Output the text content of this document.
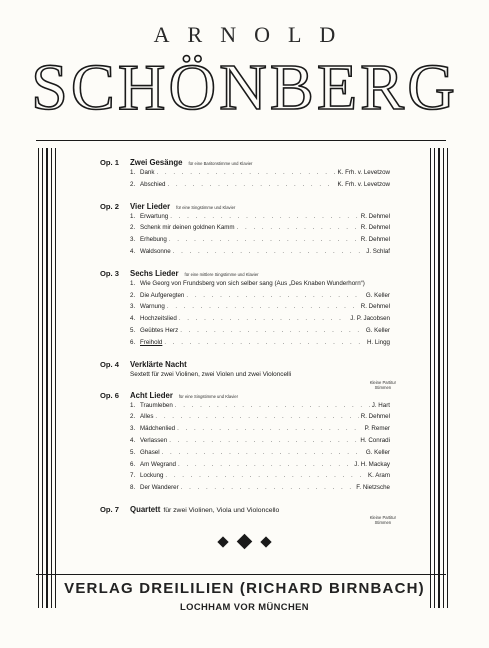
ARNOLD
SCHÖNBERG
Op. 1	Zwei Gesänge für eine Baritonstimme und Klavier
1. Dank . . .	K. Frh. v. Levetzow
2. Abschied . . .	K. Frh. v. Levetzow
Op. 2	Vier Lieder für eine Singstimme und Klavier
1. Erwartung . . .	R. Dehmel
2. Schenk mir deinen goldnen Kamm . . .	R. Dehmel
3. Erhebung . . .	R. Dehmel
4. Waldsonne . . .	J. Schlaf
Op. 3	Sechs Lieder für eine mittlere Singstimme und Klavier
1. Wie Georg von Frundsberg von sich selber sang (Aus „Des Knaben Wunderhorn“)
2. Die Aufgeregten . . .	G. Keller
3. Warnung . . .	R. Dehmel
4. Hochzeitslied . . .	J. P. Jacobsen
5. Geübtes Herz . . .	G. Keller
6. Freihold . . .	H. Lingg
Op. 4	Verklärte Nacht
Sextett für zwei Violinen, zwei Violen und zwei Violoncelli
Kleine Partitur
Stimmen
Op. 6	Acht Lieder für eine Singstimme und Klavier
1. Traumleben . . .	J. Hart
2. Alles . . .	R. Dehmel
3. Mädchenlied . . .	P. Remer
4. Verlassen . . .	H. Conradi
5. Ghasel . . .	G. Keller
6. Am Wegrand . . .	J. H. Mackay
7. Lockung . . .	K. Aram
8. Der Wanderer . . .	F. Nietzsche
Op. 7	Quartett für zwei Violinen, Viola und Violoncello
Kleine Partitur
Stimmen

VERLAG DREILILIEN (RICHARD BIRNBACH)
LOCHHAM VOR MÜNCHEN
